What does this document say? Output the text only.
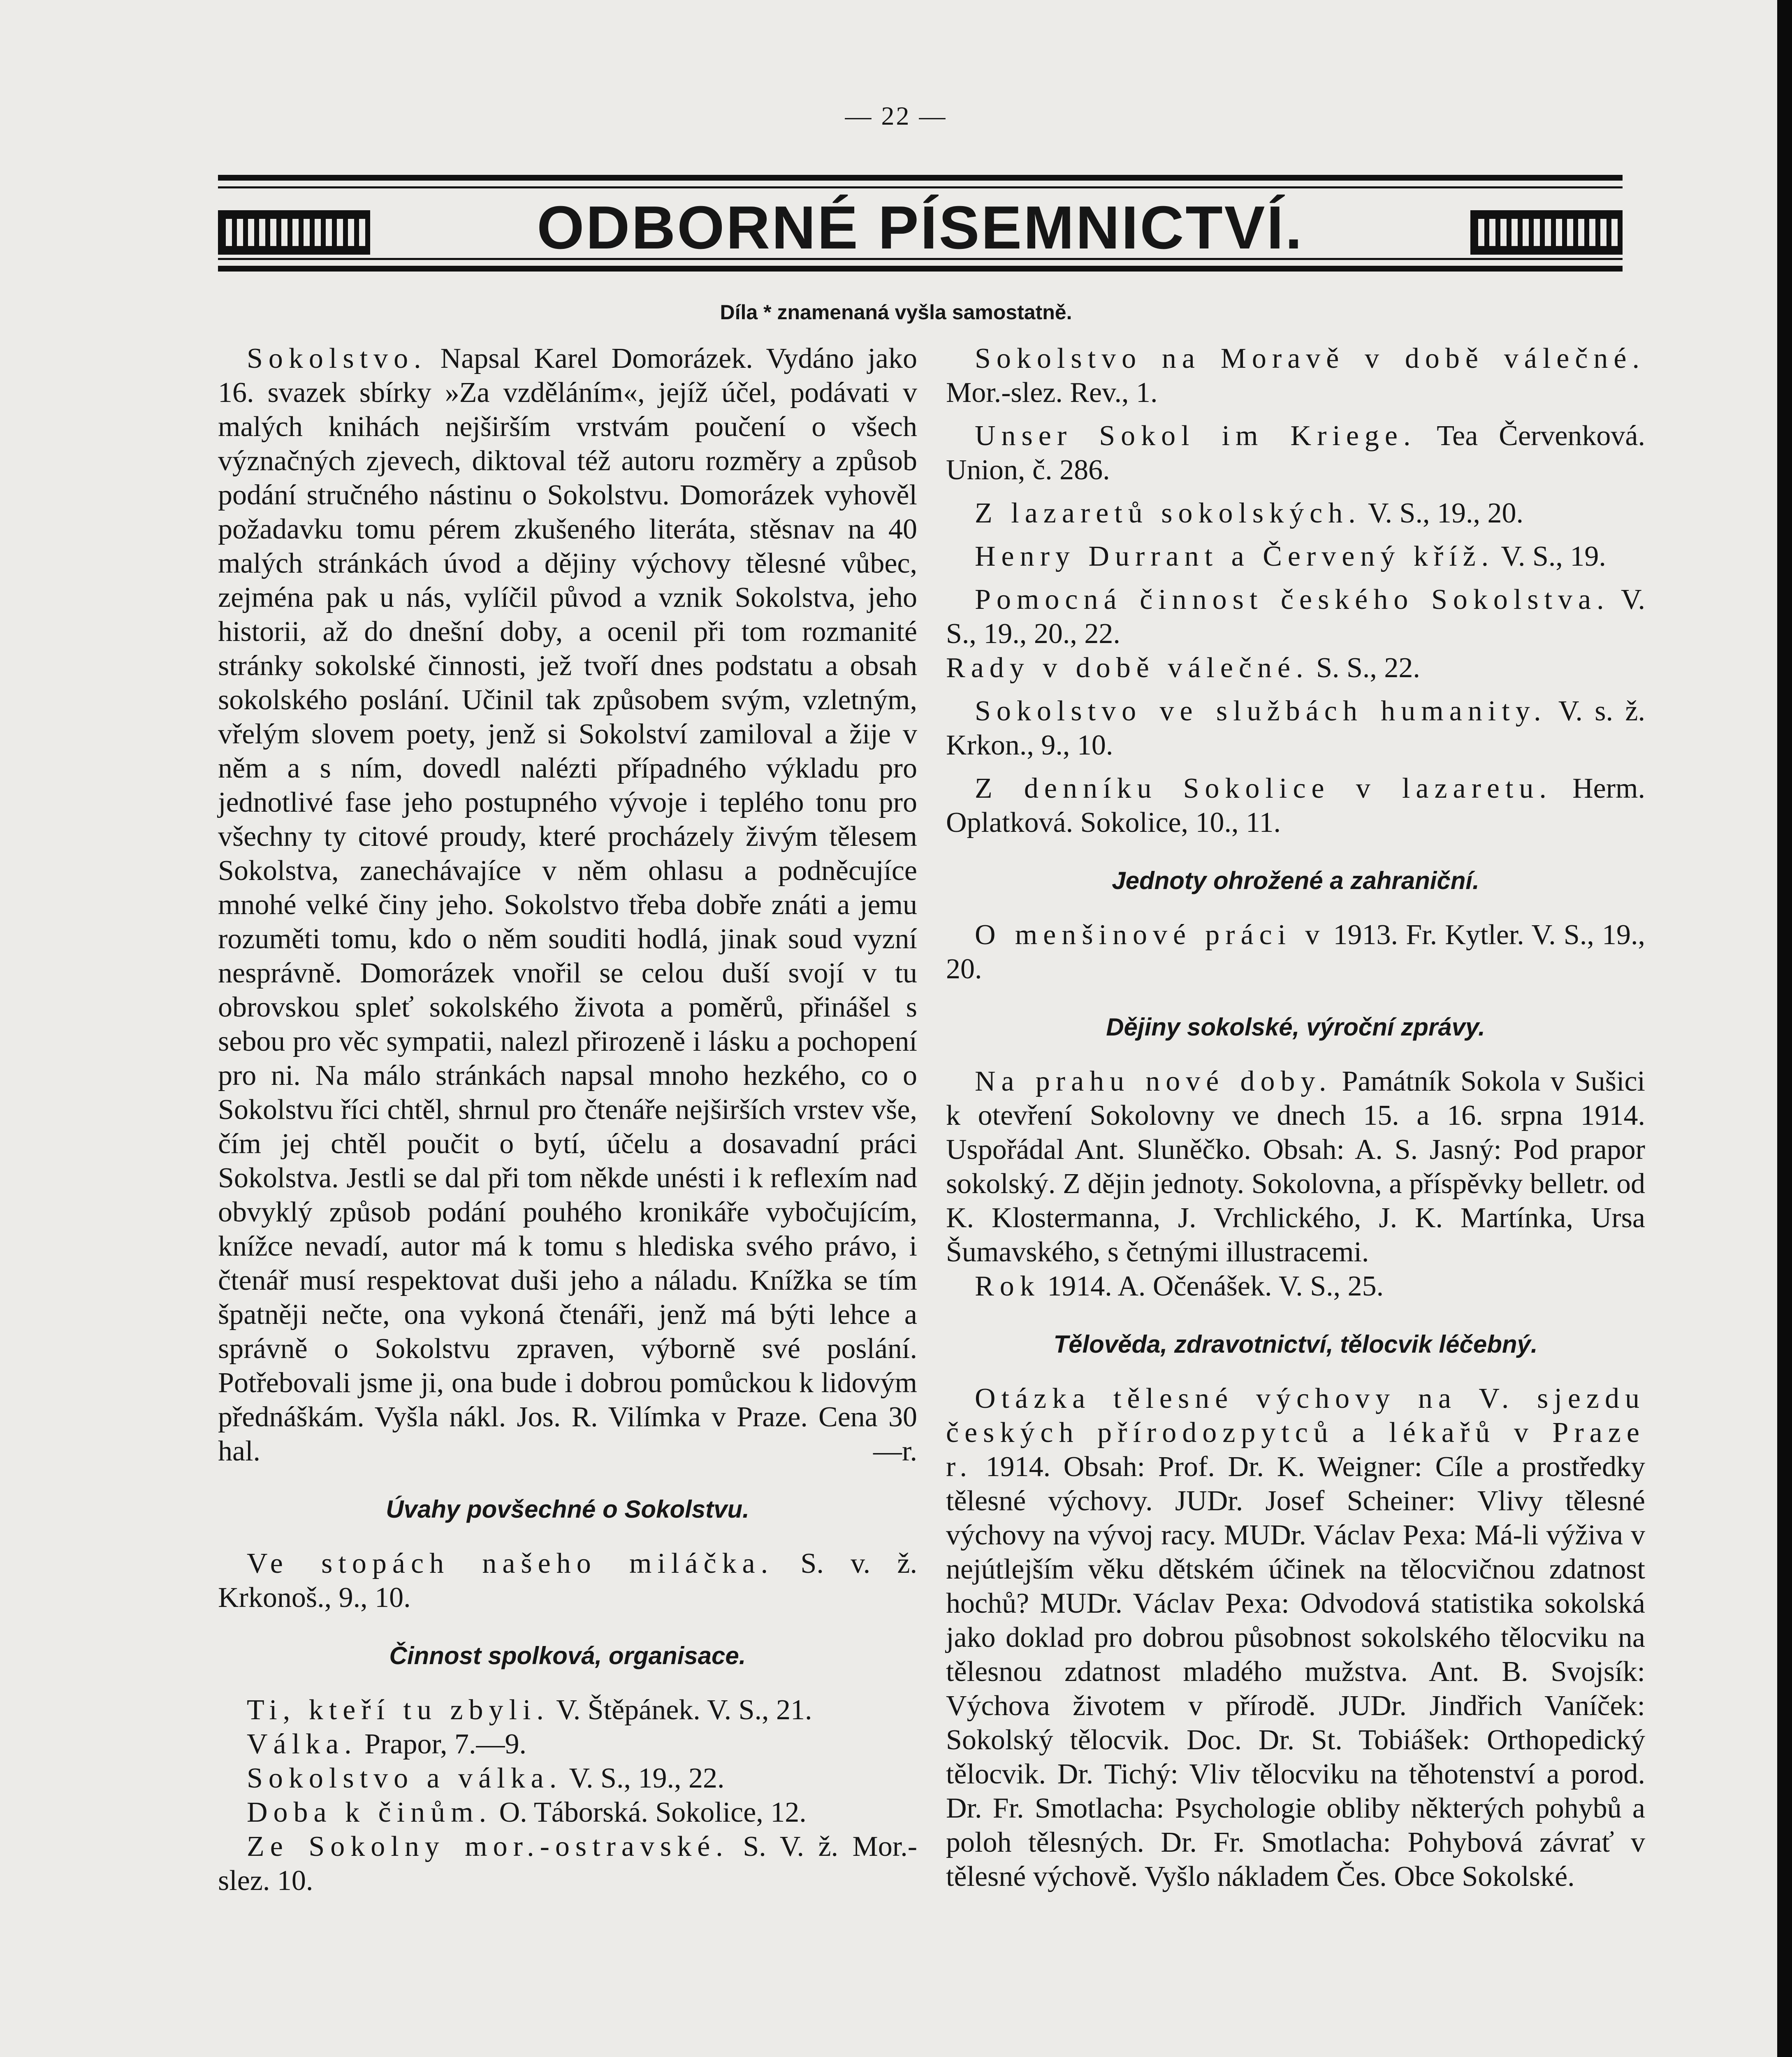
— 22 —
ODBORNÉ PÍSEMNICTVÍ.
Díla * znamenaná vyšla samostatně.

Sokolstvo. Napsal Karel Domorázek. Vydáno jako 16. svazek sbírky »Za vzděláním«, jejíž účel, podávati v malých knihách nejširším vrstvám poučení o všech význačných zjevech, diktoval též autoru rozměry a způsob podání stručného nástinu o Sokolstvu. Domorázek vyhověl požadavku tomu pérem zkušeného literáta, stěsnav na 40 malých stránkách úvod a dějiny výchovy tělesné vůbec, zejména pak u nás, vylíčil původ a vznik Sokolstva, jeho historii, až do dnešní doby, a ocenil při tom rozmanité stránky sokolské činnosti, jež tvoří dnes podstatu a obsah sokolského poslání. Učinil tak způsobem svým, vzletným, vřelým slovem poety, jenž si Sokolství zamiloval a žije v něm a s ním, dovedl nalézti případného výkladu pro jednotlivé fase jeho postupného vývoje i teplého tonu pro všechny ty citové proudy, které procházely živým tělesem Sokolstva, zanechávajíce v něm ohlasu a podněcujíce mnohé velké činy jeho. Sokolstvo třeba dobře znáti a jemu rozuměti tomu, kdo o něm souditi hodlá, jinak soud vyzní nesprávně. Domorázek vnořil se celou duší svojí v tu obrovskou spleť sokolského života a poměrů, přinášel s sebou pro věc sympatii, nalezl přirozeně i lásku a pochopení pro ni. Na málo stránkách napsal mnoho hezkého, co o Sokolstvu říci chtěl, shrnul pro čtenáře nejširších vrstev vše, čím jej chtěl poučit o bytí, účelu a dosavadní práci Sokolstva. Jestli se dal při tom někde unésti i k reflexím nad obvyklý způsob podání pouhého kronikáře vybočujícím, knížce nevadí, autor má k tomu s hlediska svého právo, i čtenář musí respektovat duši jeho a náladu. Knížka se tím špatněji nečte, ona vykoná čtenáři, jenž má býti lehce a správně o Sokolstvu zpraven, výborně své poslání. Potřebovali jsme ji, ona bude i dobrou pomůckou k lidovým přednáškám. Vyšla nákl. Jos. R. Vilímka v Praze. Cena 30 hal.	—r.

Úvahy povšechné o Sokolstvu.

Ve stopách našeho miláčka. S. v. ž. Krkonoš., 9., 10.

Činnost spolková, organisace.

Ti, kteří tu zbyli. V. Štěpánek. V. S., 21.

Válka. Prapor, 7.—9.

Sokolstvo a válka. V. S., 19., 22.

Doba k činům. O. Táborská. Sokolice, 12.

Ze Sokolny mor.-ostravské. S. V. ž. Mor.-slez. 10.

Sokolstvo na Moravě v době válečné. Mor.-slez. Rev., 1.

Unser Sokol im Kriege. Tea Červenková. Union, č. 286.

Z lazaretů sokolských. V. S., 19., 20.

Henry Durrant a Červený kříž. V. S., 19.

Pomocná činnost českého Sokolstva. V. S., 19., 20., 22.

Rady v době válečné. S. S., 22.

Sokolstvo ve službách humanity. V. s. ž. Krkon., 9., 10.

Z denníku Sokolice v lazaretu. Herm. Oplatková. Sokolice, 10., 11.

Jednoty ohrožené a zahraniční.

O menšinové práci v 1913. Fr. Kytler. V. S., 19., 20.

Dějiny sokolské, výroční zprávy.

Na prahu nové doby. Památník Sokola v Sušici k otevření Sokolovny ve dnech 15. a 16. srpna 1914. Uspořádal Ant. Sluněčko. Obsah: A. S. Jasný: Pod prapor sokolský. Z dějin jednoty. Sokolovna, a příspěvky belletr. od K. Klostermanna, J. Vrchlického, J. K. Martínka, Ursa Šumavského, s četnými illustracemi.

Rok 1914. A. Očenášek. V. S., 25.

Tělověda, zdravotnictví, tělocvik léčebný.

Otázka tělesné výchovy na V. sjezdu českých přírodozpytců a lékařů v Praze r. 1914. Obsah: Prof. Dr. K. Weigner: Cíle a prostředky tělesné výchovy. JUDr. Josef Scheiner: Vlivy tělesné výchovy na vývoj racy. MUDr. Václav Pexa: Má-li výživa v nejútlejším věku dětském účinek na tělocvičnou zdatnost hochů? MUDr. Václav Pexa: Odvodová statistika sokolská jako doklad pro dobrou působnost sokolského tělocviku na tělesnou zdatnost mladého mužstva. Ant. B. Svojsík: Výchova životem v přírodě. JUDr. Jindřich Vaníček: Sokolský tělocvik. Doc. Dr. St. Tobiášek: Orthopedický tělocvik. Dr. Tichý: Vliv tělocviku na těhotenství a porod. Dr. Fr. Smotlacha: Psychologie obliby některých pohybů a poloh tělesných. Dr. Fr. Smotlacha: Pohybová závrať v tělesné výchově. Vyšlo nákladem Čes. Obce Sokolské.
